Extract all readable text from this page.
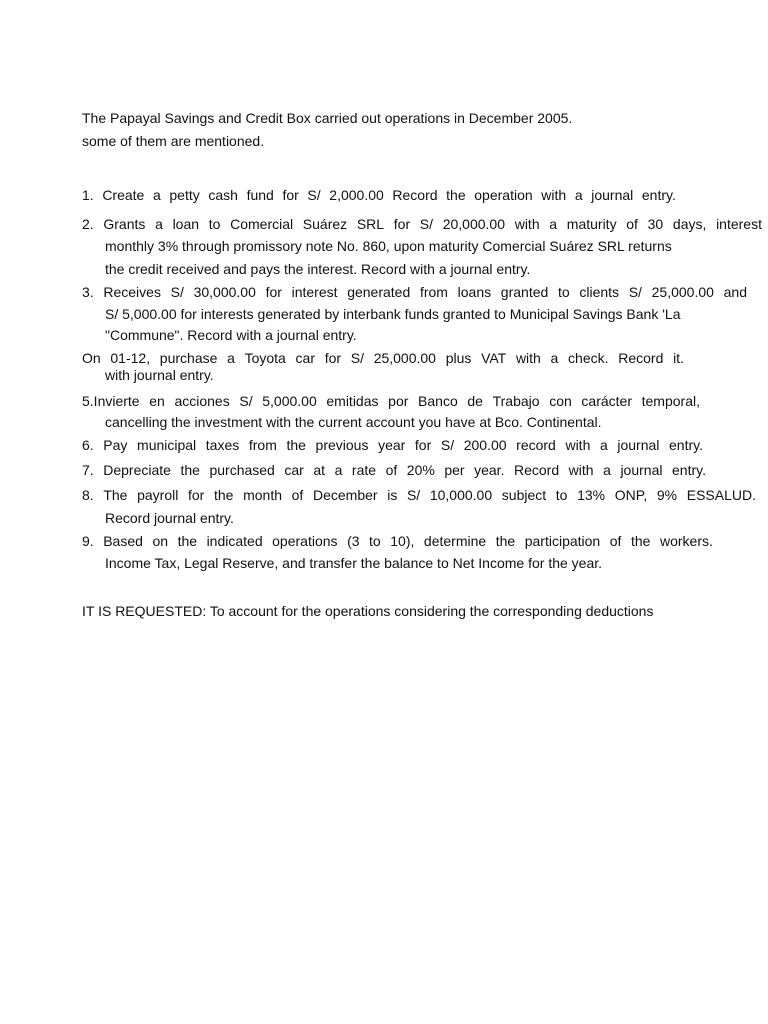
The Papayal Savings and Credit Box carried out operations in December 2005.
some of them are mentioned.
1. Create a petty cash fund for S/ 2,000.00 Record the operation with a journal entry.
2. Grants a loan to Comercial Suárez SRL for S/ 20,000.00 with a maturity of 30 days, interest
monthly 3% through promissory note No. 860, upon maturity Comercial Suárez SRL returns
the credit received and pays the interest. Record with a journal entry.
3. Receives S/ 30,000.00 for interest generated from loans granted to clients S/ 25,000.00 and
S/ 5,000.00 for interests generated by interbank funds granted to Municipal Savings Bank 'La
"Commune". Record with a journal entry.
On 01-12, purchase a Toyota car for S/ 25,000.00 plus VAT with a check. Record it.
with journal entry.
5.Invierte en acciones S/ 5,000.00 emitidas por Banco de Trabajo con carácter temporal,
cancelling the investment with the current account you have at Bco. Continental.
6. Pay municipal taxes from the previous year for S/ 200.00 record with a journal entry.
7. Depreciate the purchased car at a rate of 20% per year. Record with a journal entry.
8. The payroll for the month of December is S/ 10,000.00 subject to 13% ONP, 9% ESSALUD.
Record journal entry.
9. Based on the indicated operations (3 to 10), determine the participation of the workers.
Income Tax, Legal Reserve, and transfer the balance to Net Income for the year.
IT IS REQUESTED: To account for the operations considering the corresponding deductions
